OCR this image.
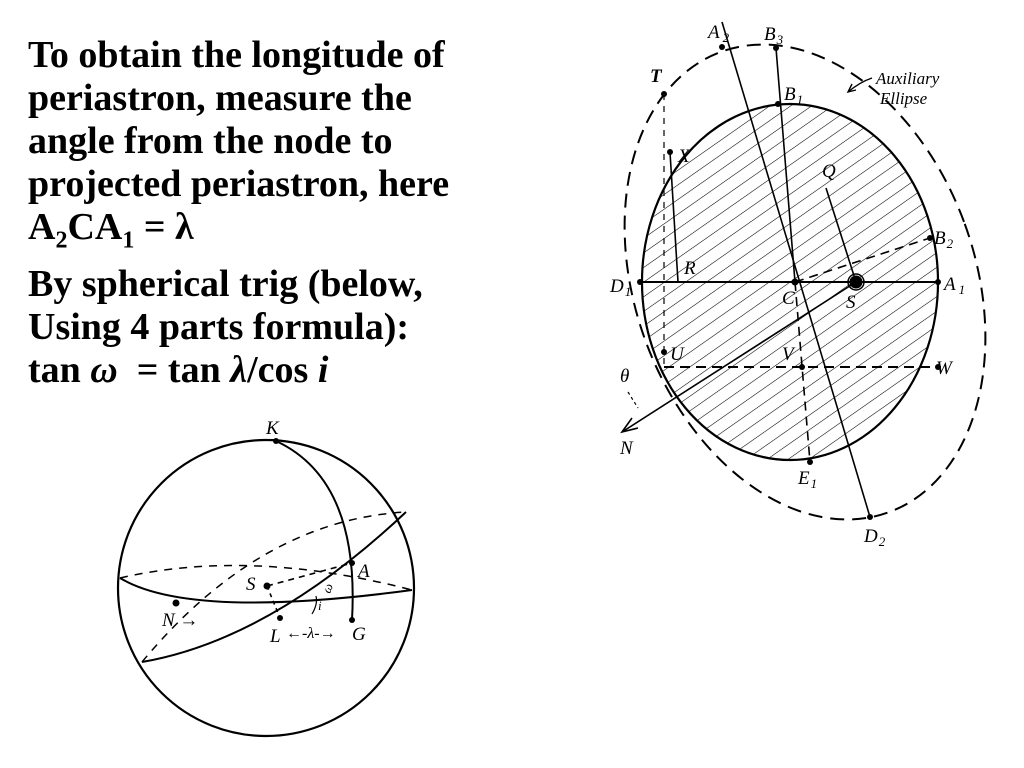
To obtain the longitude of
periastron, measure the
angle from the node to
projected periastron, here
$A_2CA_1 = \lambda$
By spherical trig (below,
Using 4 parts formula):
tan ω  = tan λ/cos i
A $_2$ $B_3$
T	Auxiliary
Ellipse
$B_1$
X
Q
$B_2$
R
$D_1$	C	S
A $_1$
U	V
W
θ
N
$E_1$
$D_2$
K
S
A
ω
i
N →
L ←-λ-→ G
